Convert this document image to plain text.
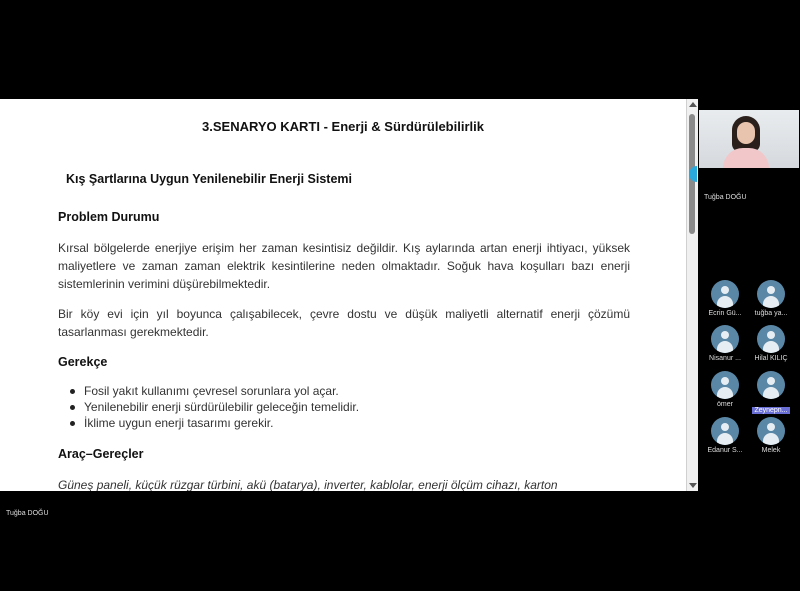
3.SENARYO KARTI - Enerji & Sürdürülebilirlik
Kış Şartlarına Uygun Yenilenebilir Enerji Sistemi
Problem Durumu
Kırsal bölgelerde enerjiye erişim her zaman kesintisiz değildir. Kış aylarında artan enerji ihtiyacı, yüksek maliyetlere ve zaman zaman elektrik kesintilerine neden olmaktadır. Soğuk hava koşulları bazı enerji sistemlerinin verimini düşürebilmektedir.
Bir köy evi için yıl boyunca çalışabilecek, çevre dostu ve düşük maliyetli alternatif enerji çözümü tasarlanması gerekmektedir.
Gerekçe
Fosil yakıt kullanımı çevresel sorunlara yol açar.
Yenilenebilir enerji sürdürülebilir geleceğin temelidir.
İklime uygun enerji tasarımı gerekir.
Araç–Gereçler
Güneş paneli, küçük rüzgar türbini, akü (batarya), inverter, kablolar, enerji ölçüm cihazı, karton
Tuğba DOĞU
Ecrin Gü...	tuğba ya...
Nisanur ...	Hilal KILIÇ
ömer
Zeynepn...
Edanur S...	Melek
Tuğba DOĞU
